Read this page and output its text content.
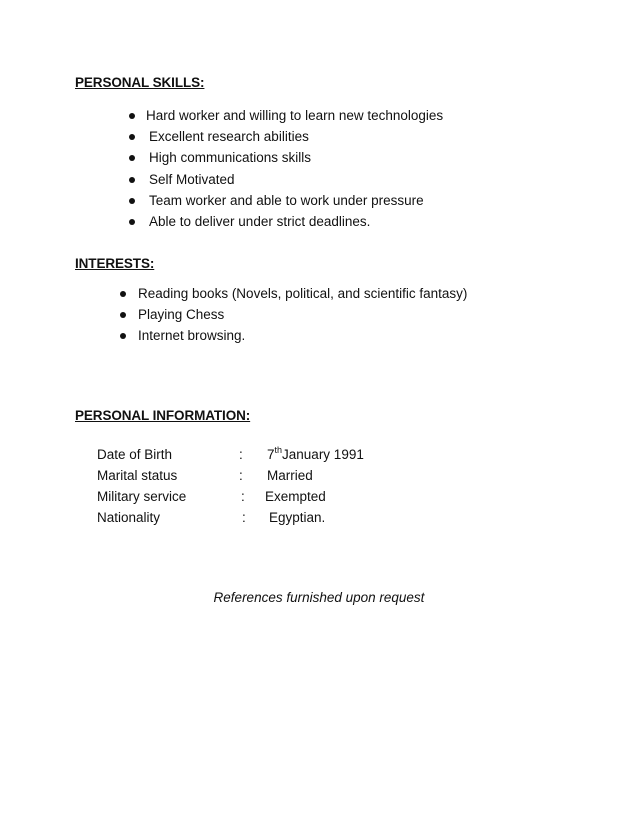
PERSONAL SKILLS:
Hard worker and willing to learn new technologies
Excellent research abilities
High communications skills
Self Motivated
Team worker and able to work under pressure
Able to deliver under strict deadlines.
INTERESTS:
Reading books (Novels, political, and scientific fantasy)
Playing Chess
Internet browsing.
PERSONAL INFORMATION:
Date of Birth	: 7thJanuary 1991
Marital status	: Married
Military service	: Exempted
Nationality	: Egyptian.
References furnished upon request
